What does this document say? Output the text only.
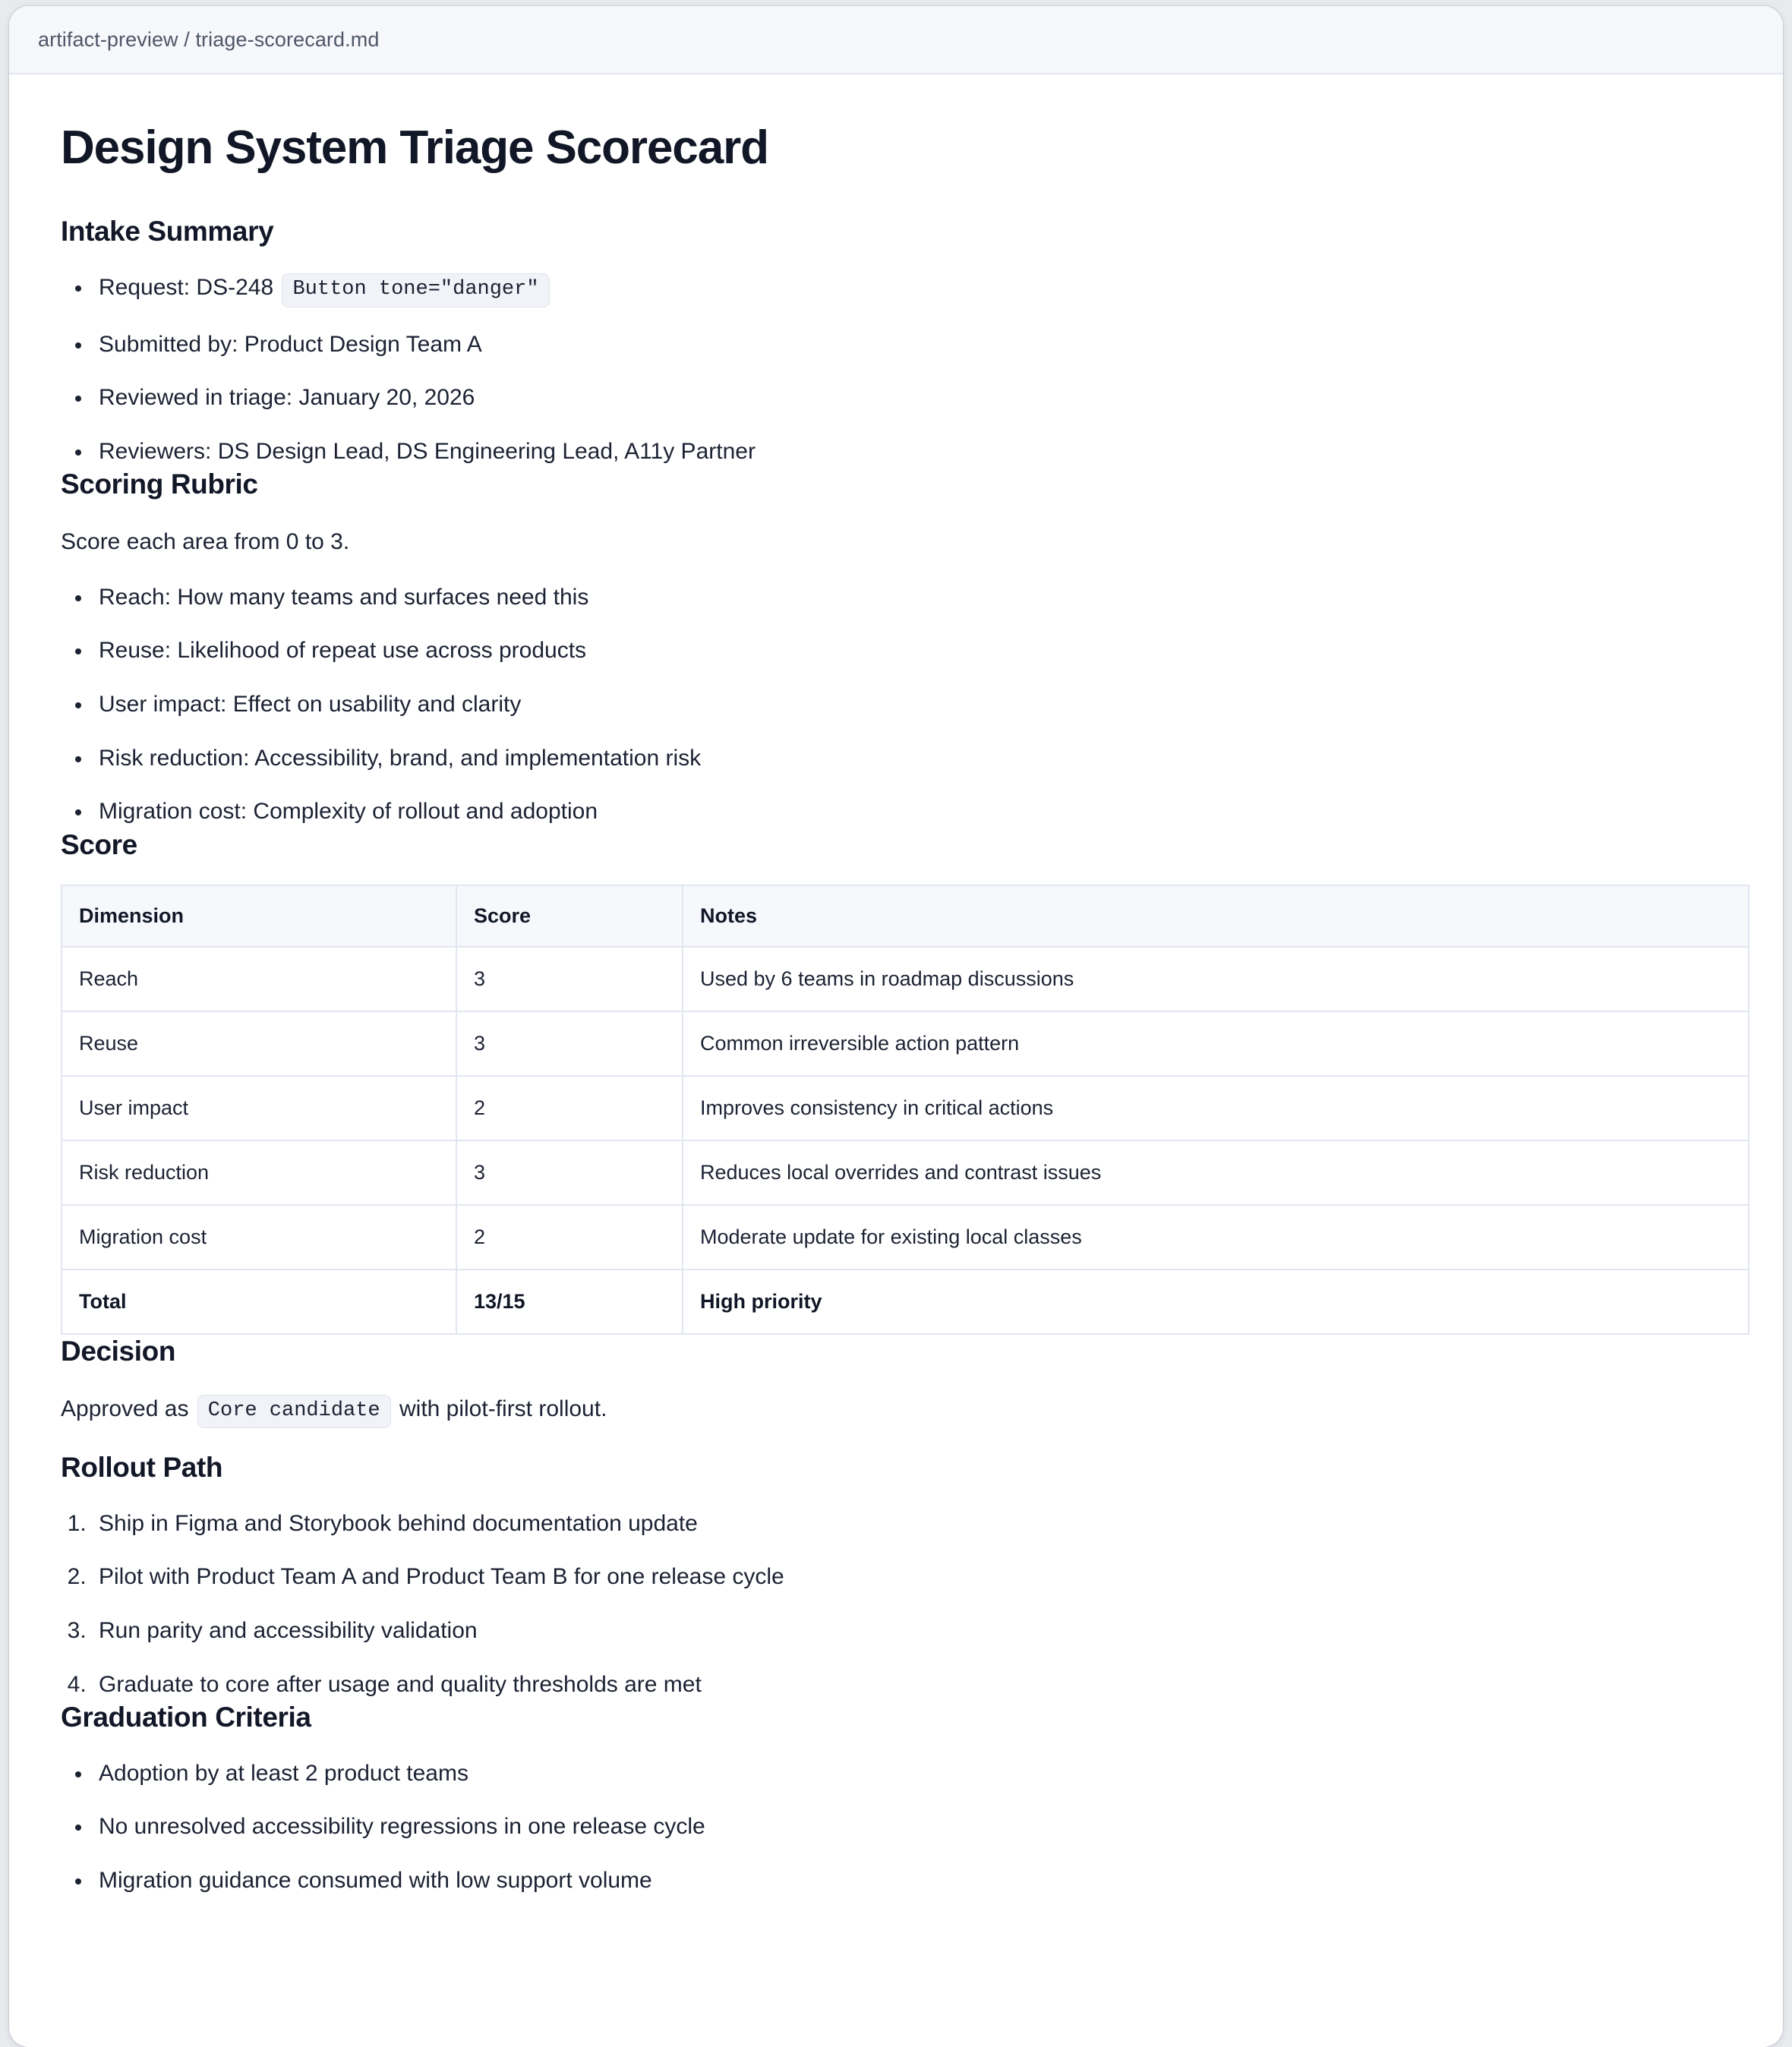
artifact-preview / triage-scorecard.md
Design System Triage Scorecard
Intake Summary
• Request: DS-248 Button tone="danger"
• Submitted by: Product Design Team A
• Reviewed in triage: January 20, 2026
• Reviewers: DS Design Lead, DS Engineering Lead, A11y Partner
Scoring Rubric

Score each area from 0 to 3.

• Reach: How many teams and surfaces need this
• Reuse: Likelihood of repeat use across products
• User impact: Effect on usability and clarity
• Risk reduction: Accessibility, brand, and implementation risk
• Migration cost: Complexity of rollout and adoption
Score
Dimension	Score	Notes
Reach	3	Used by 6 teams in roadmap discussions
Reuse	3	Common irreversible action pattern
User impact	2	Improves consistency in critical actions
Risk reduction	3	Reduces local overrides and contrast issues
Migration cost	2	Moderate update for existing local classes
Total	13/15	High priority
Decision

Approved as Core candidate with pilot-first rollout.

Rollout Path
1. Ship in Figma and Storybook behind documentation update
2. Pilot with Product Team A and Product Team B for one release cycle
3. Run parity and accessibility validation
4. Graduate to core after usage and quality thresholds are met
Graduation Criteria
• Adoption by at least 2 product teams
• No unresolved accessibility regressions in one release cycle
• Migration guidance consumed with low support volume
